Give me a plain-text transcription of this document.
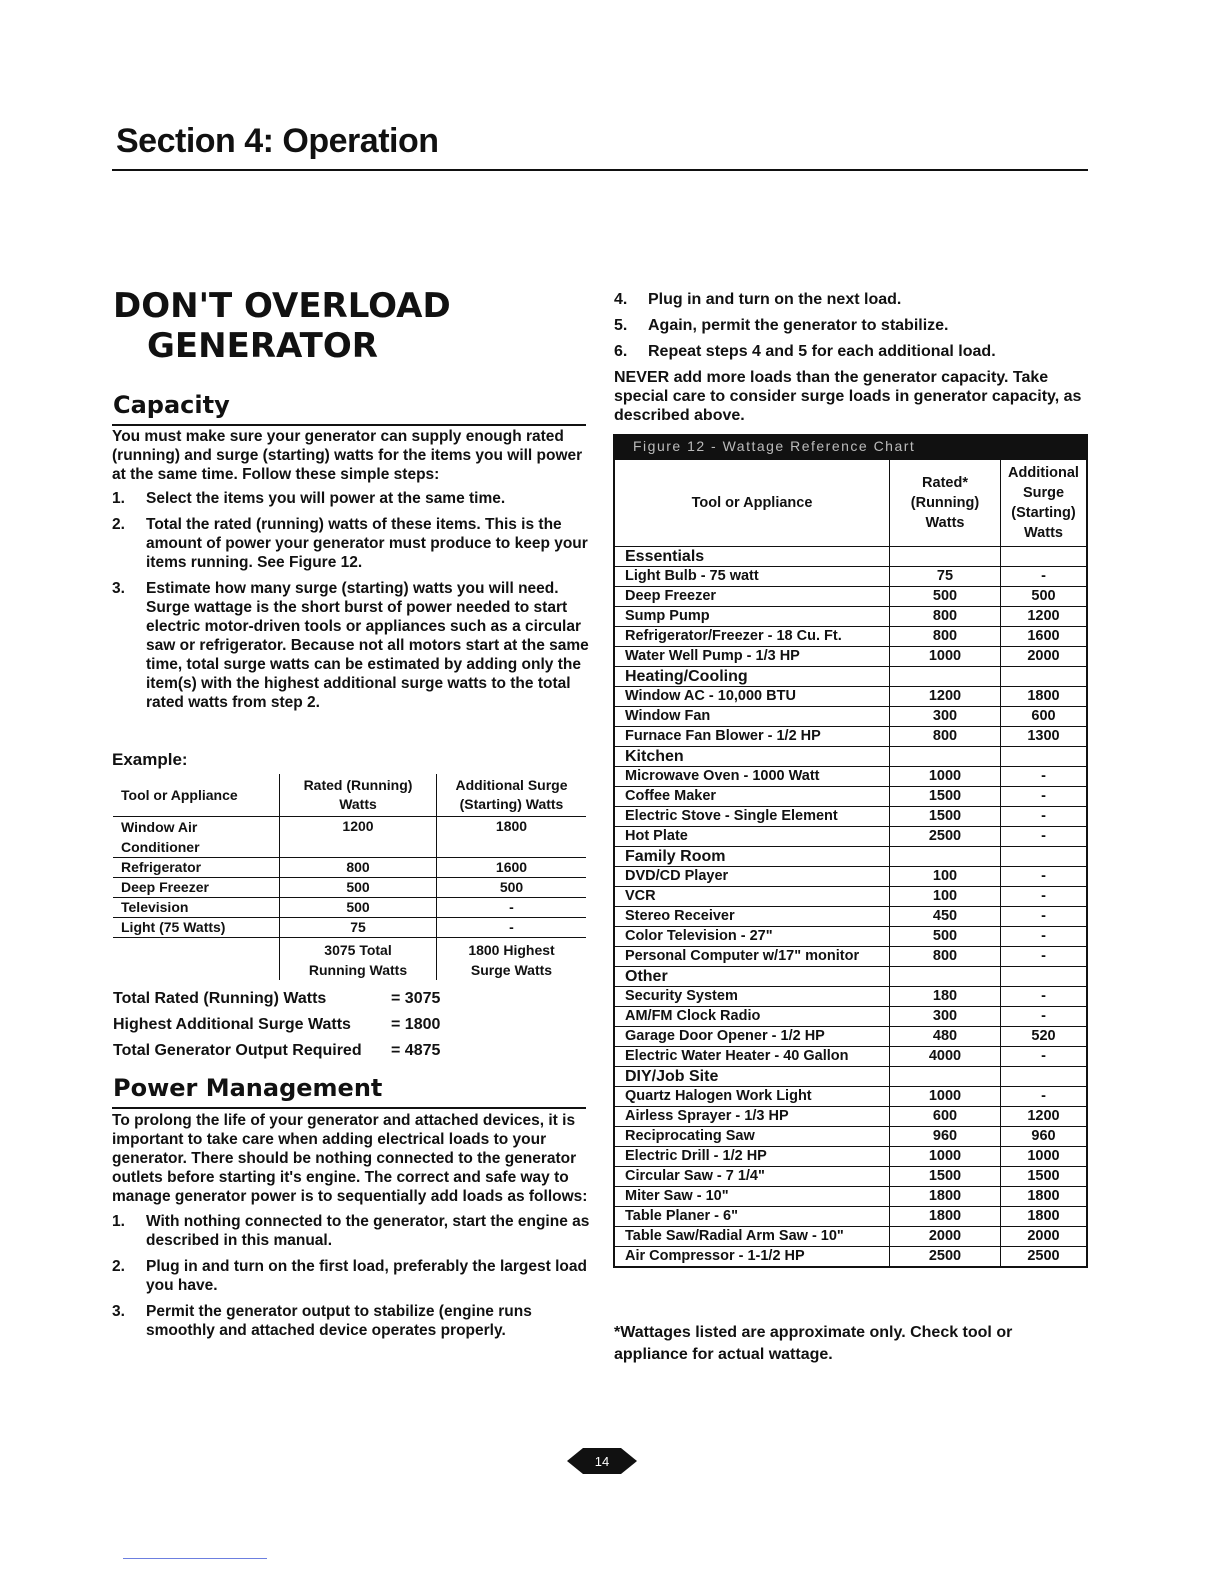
Section 4: Operation
DON'T OVERLOAD
GENERATOR
Capacity

You must make sure your generator can supply enough rated (running) and surge (starting) watts for the items you will power at the same time. Follow these simple steps:

1. Select the items you will power at the same time.
2. Total the rated (running) watts of these items. This is the amount of power your generator must produce to keep your items running. See Figure 12.
3. Estimate how many surge (starting) watts you will need. Surge wattage is the short burst of power needed to start electric motor-driven tools or appliances such as a circular saw or refrigerator. Because not all motors start at the same time, total surge watts can be estimated by adding only the item(s) with the highest additional surge watts to the total rated watts from step 2.
Example:
Tool or Appliance	Rated (Running) Watts	Additional Surge (Starting) Watts
Window Air Conditioner	1200	1800
Refrigerator	800	1600
Deep Freezer	500	500
Television	500	-
Light (75 Watts)	75	-
	3075 Total Running Watts	1800 Highest Surge Watts
Total Rated (Running) Watts	= 3075
Highest Additional Surge Watts	= 1800
Total Generator Output Required = 4875
Power Management

To prolong the life of your generator and attached devices, it is important to take care when adding electrical loads to your generator. There should be nothing connected to the generator outlets before starting it's engine. The correct and safe way to manage generator power is to sequentially add loads as follows:

1. With nothing connected to the generator, start the engine as described in this manual.
2. Plug in and turn on the first load, preferably the largest load you have.
3. Permit the generator output to stabilize (engine runs smoothly and attached device operates properly.
4. Plug in and turn on the next load.
5. Again, permit the generator to stabilize.
6. Repeat steps 4 and 5 for each additional load.

NEVER add more loads than the generator capacity. Take special care to consider surge loads in generator capacity, as described above.

Figure 12 - Wattage Reference Chart
Tool or Appliance	Rated* (Running) Watts	Additional Surge (Starting) Watts
Essentials		
Light Bulb - 75 watt	75	-
Deep Freezer	500	500
Sump Pump	800	1200
Refrigerator/Freezer - 18 Cu. Ft.	800	1600
Water Well Pump - 1/3 HP	1000	2000
Heating/Cooling		
Window AC - 10,000 BTU	1200	1800
Window Fan	300	600
Furnace Fan Blower - 1/2 HP	800	1300
Kitchen		
Microwave Oven - 1000 Watt	1000	-
Coffee Maker	1500	-
Electric Stove - Single Element	1500	-
Hot Plate	2500	-
Family Room		
DVD/CD Player	100	-
VCR	100	-
Stereo Receiver	450	-
Color Television - 27"	500	-
Personal Computer w/17" monitor	800	-
Other		
Security System	180	-
AM/FM Clock Radio	300	-
Garage Door Opener - 1/2 HP	480	520
Electric Water Heater - 40 Gallon	4000	-
DIY/Job Site		
Quartz Halogen Work Light	1000	-
Airless Sprayer - 1/3 HP	600	1200
Reciprocating Saw	960	960
Electric Drill - 1/2 HP	1000	1000
Circular Saw - 7 1/4"	1500	1500
Miter Saw - 10"	1800	1800
Table Planer - 6"	1800	1800
Table Saw/Radial Arm Saw - 10"	2000	2000
Air Compressor - 1-1/2 HP	2500	2500
*Wattages listed are approximate only. Check tool or appliance for actual wattage.
14
